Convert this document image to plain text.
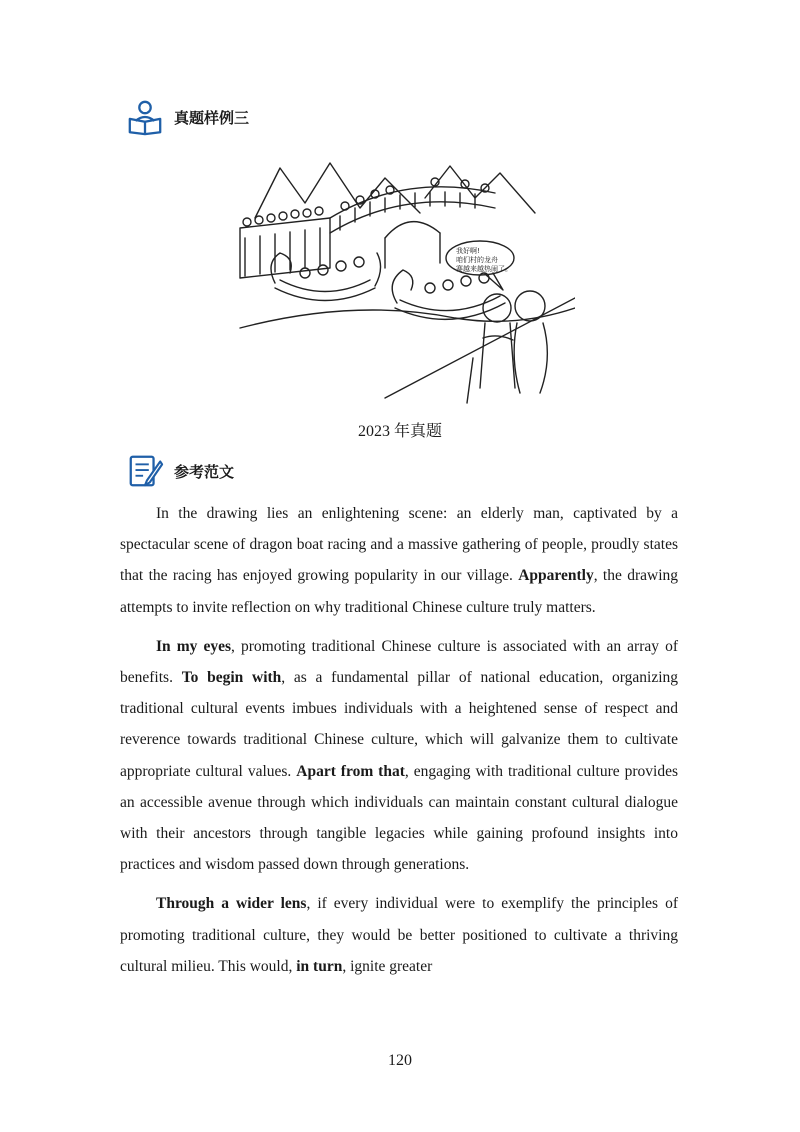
真题样例三
我好啊!
咱们村的龙舟
赛越来越热闹了。
2023 年真题
参考范文

In the drawing lies an enlightening scene: an elderly man, captivated by a spectacular scene of dragon boat racing and a massive gathering of people, proudly states that the racing has enjoyed growing popularity in our village. Apparently, the drawing attempts to invite reflection on why traditional Chinese culture truly matters.

In my eyes, promoting traditional Chinese culture is associated with an array of benefits. To begin with, as a fundamental pillar of national education, organizing traditional cultural events imbues individuals with a heightened sense of respect and reverence towards traditional Chinese culture, which will galvanize them to cultivate appropriate cultural values. Apart from that, engaging with traditional culture provides an accessible avenue through which individuals can maintain constant cultural dialogue with their ancestors through tangible legacies while gaining profound insights into practices and wisdom passed down through generations.

Through a wider lens, if every individual were to exemplify the principles of promoting traditional culture, they would be better positioned to cultivate a thriving cultural milieu. This would, in turn, ignite greater

120
